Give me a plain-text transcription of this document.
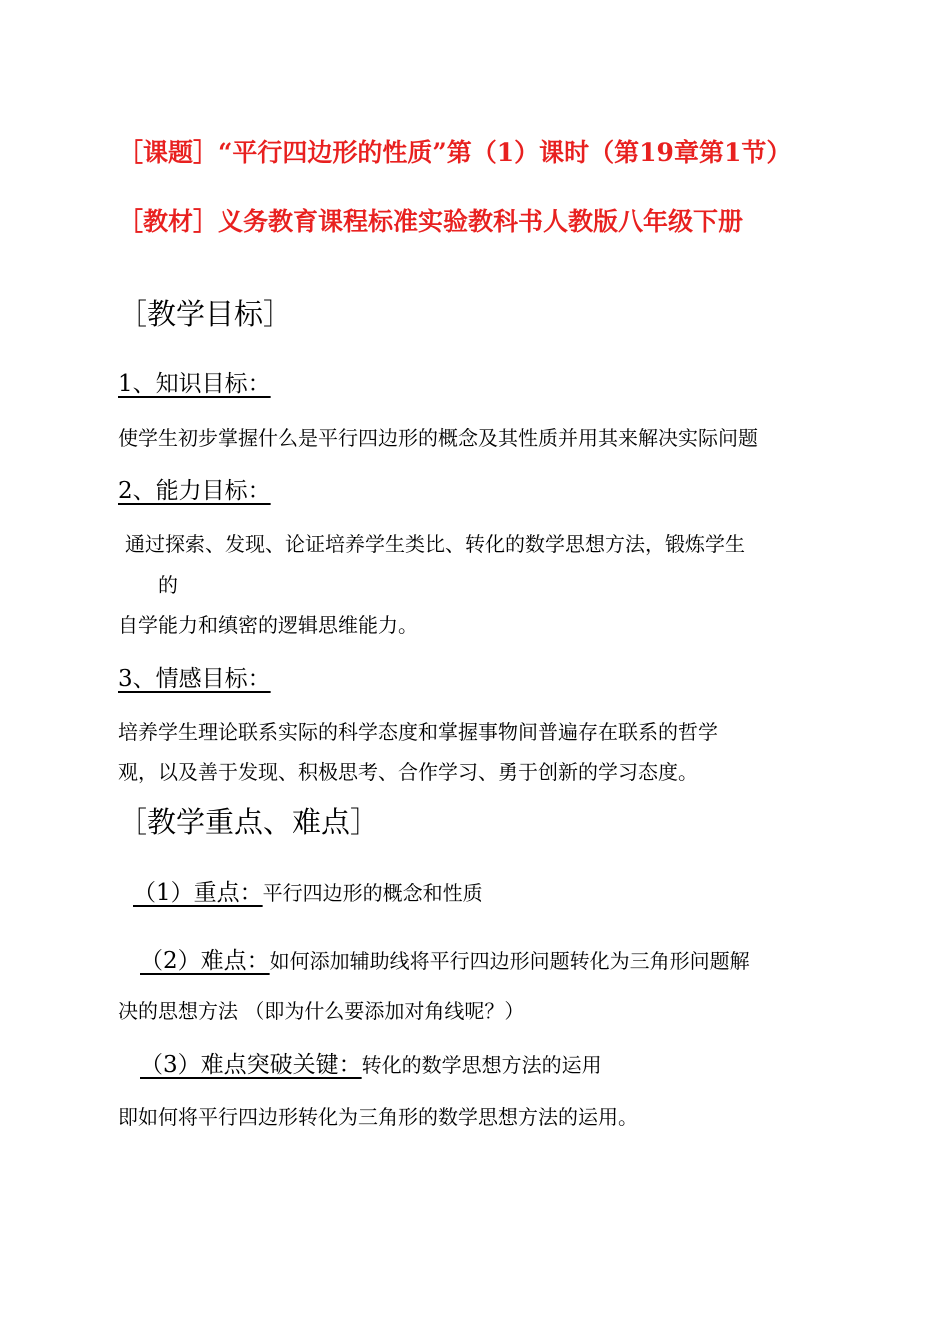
［课题］“平行四边形的性质”第（1）课时（第19章第1节）
［教材］义务教育课程标准实验教科书人教版八年级下册
［教学目标］
1、知识目标：
使学生初步掌握什么是平行四边形的概念及其性质并用其来解决实际问题
2、能力目标：
通过探索、发现、论证培养学生类比、转化的数学思想方法，锻炼学生
的
自学能力和缜密的逻辑思维能力。
3、情感目标：
培养学生理论联系实际的科学态度和掌握事物间普遍存在联系的哲学
观，以及善于发现、积极思考、合作学习、勇于创新的学习态度。
［教学重点、难点］
（1）重点：平行四边形的概念和性质
（2）难点：如何添加辅助线将平行四边形问题转化为三角形问题解
决的思想方法 （即为什么要添加对角线呢？）
（3）难点突破关键：转化的数学思想方法的运用
即如何将平行四边形转化为三角形的数学思想方法的运用。
